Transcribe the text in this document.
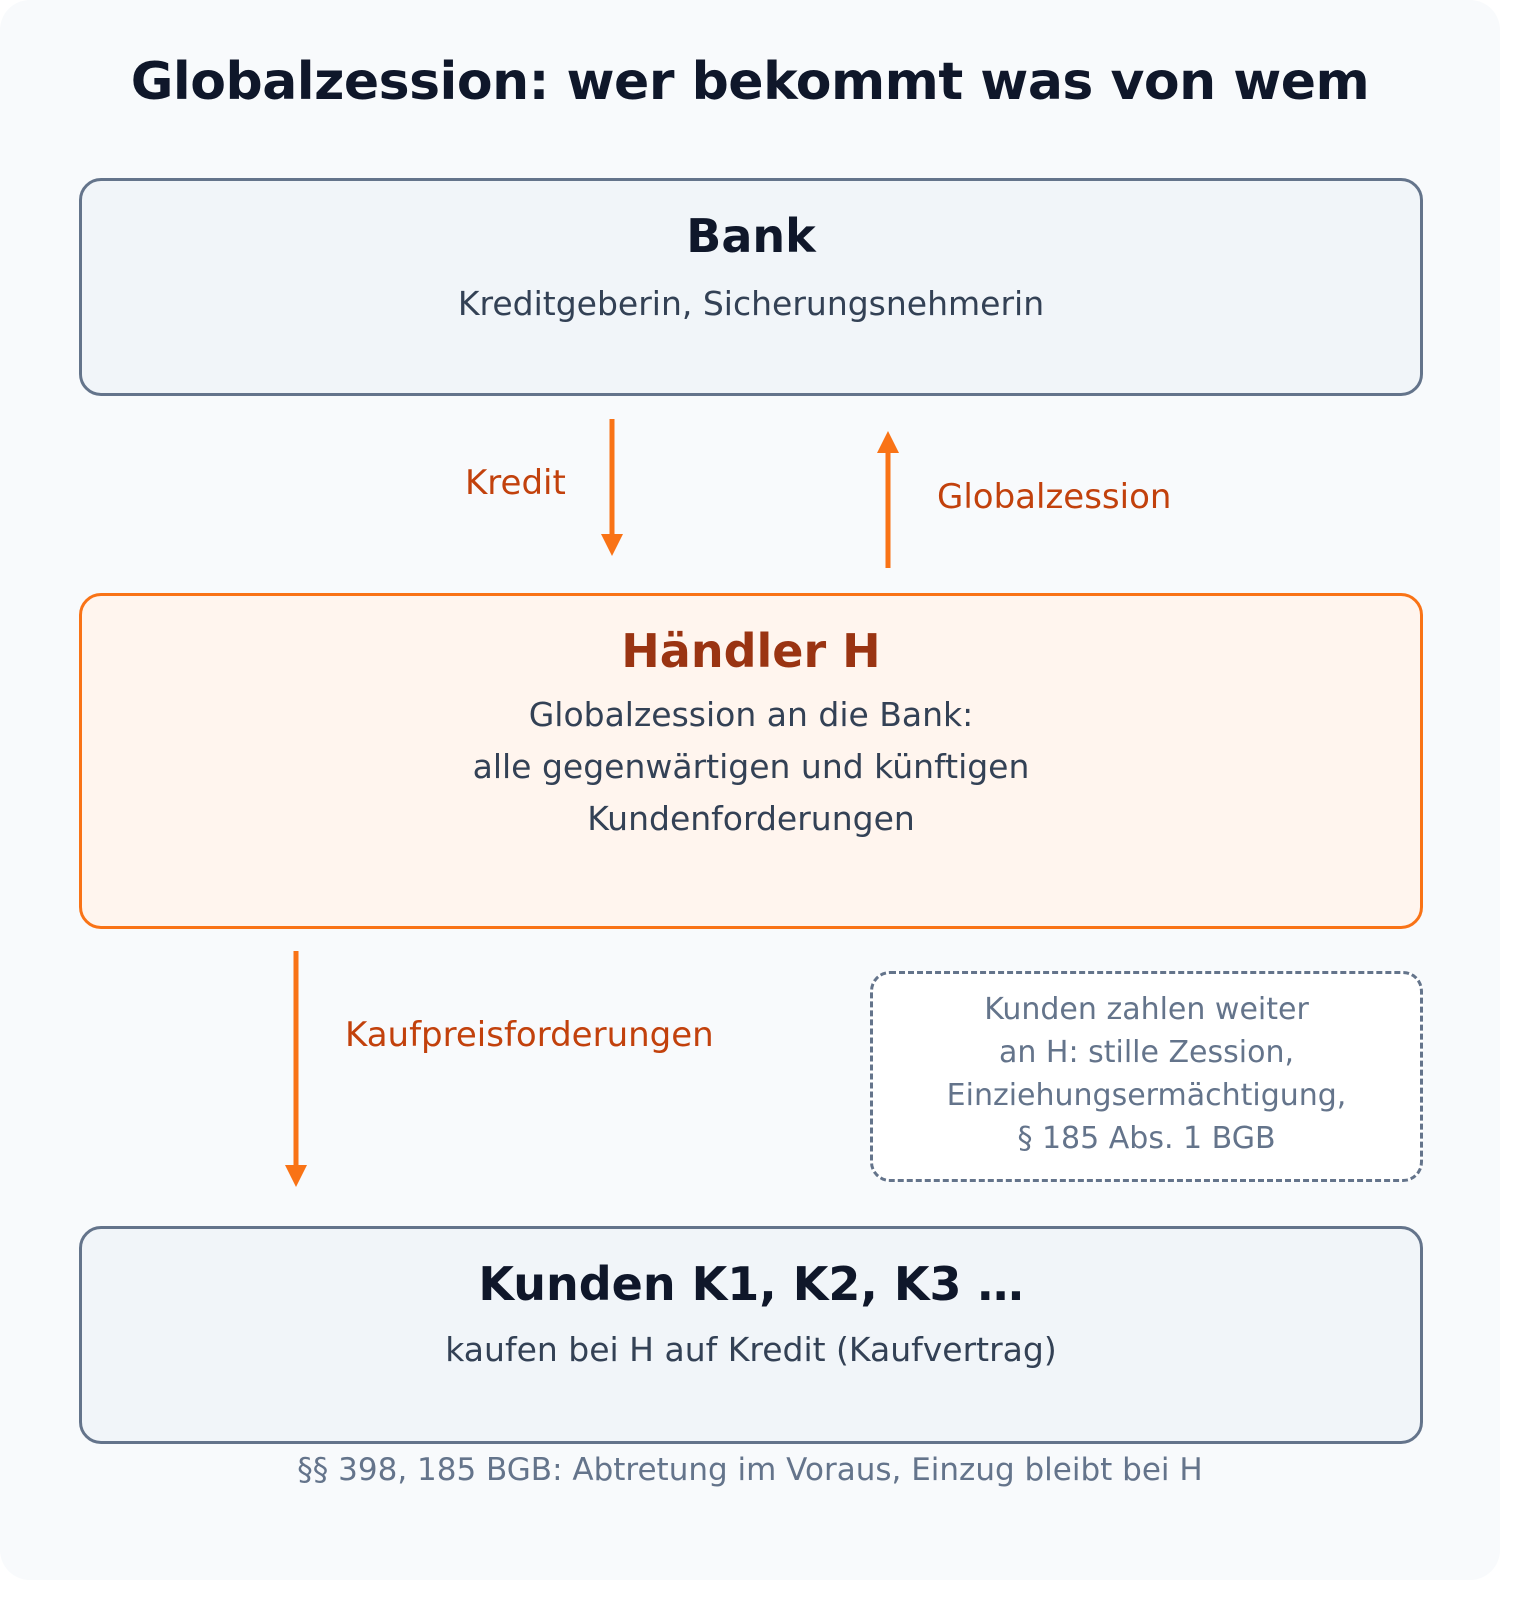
Globalzession: wer bekommt was von wem
Bank
Kreditgeberin, Sicherungsnehmerin
Händler H
Globalzession an die Bank:
alle gegenwärtigen und künftigen
Kundenforderungen
Kunden K1, K2, K3 …
kaufen bei H auf Kredit (Kaufvertrag)
Kredit	Globalzession
Kaufpreisforderungen
Kunden zahlen weiter
an H: stille Zession,
Einziehungsermächtigung,
§ 185 Abs. 1 BGB
§§ 398, 185 BGB: Abtretung im Voraus, Einzug bleibt bei H
